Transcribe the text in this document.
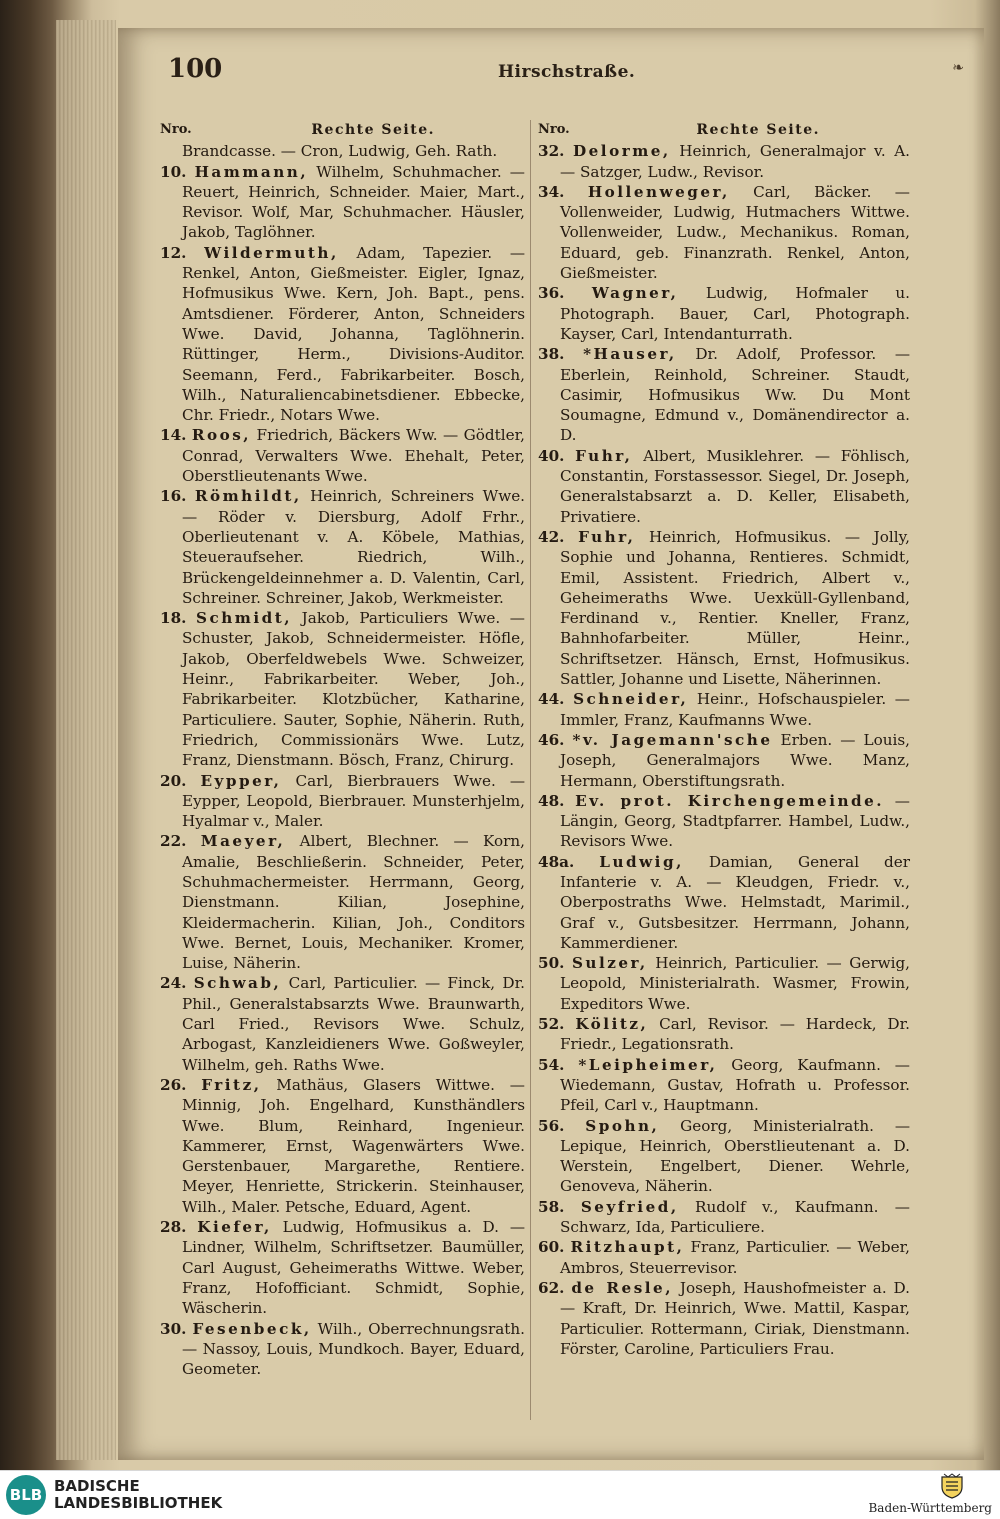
100	Hirschstraße.	❧
Nro.	Rechte Seite.

Brandcasse. — Cron, Ludwig, Geh. Rath.

10. Hammann, Wilhelm, Schuhmacher. — Reuert, Heinrich, Schneider. Maier, Mart., Revisor. Wolf, Mar, Schuhmacher. Häusler, Jakob, Taglöhner.

12. Wildermuth, Adam, Tapezier. — Renkel, Anton, Gießmeister. Eigler, Ignaz, Hofmusikus Wwe. Kern, Joh. Bapt., pens. Amtsdiener. Förderer, Anton, Schneiders Wwe. David, Johanna, Taglöhnerin. Rüttinger, Herm., Divisions-Auditor. Seemann, Ferd., Fabrikarbeiter. Bosch, Wilh., Naturaliencabinetsdiener. Ebbecke, Chr. Friedr., Notars Wwe.

14. Roos, Friedrich, Bäckers Ww. — Gödtler, Conrad, Verwalters Wwe. Ehehalt, Peter, Oberstlieutenants Wwe.

16. Römhildt, Heinrich, Schreiners Wwe. — Röder v. Diersburg, Adolf Frhr., Oberlieutenant v. A. Köbele, Mathias, Steueraufseher. Riedrich, Wilh., Brückengeldeinnehmer a. D. Valentin, Carl, Schreiner. Schreiner, Jakob, Werkmeister.

18. Schmidt, Jakob, Particuliers Wwe. — Schuster, Jakob, Schneidermeister. Höfle, Jakob, Oberfeldwebels Wwe. Schweizer, Heinr., Fabrikarbeiter. Weber, Joh., Fabrikarbeiter. Klotzbücher, Katharine, Particuliere. Sauter, Sophie, Näherin. Ruth, Friedrich, Commissionärs Wwe. Lutz, Franz, Dienstmann. Bösch, Franz, Chirurg.

20. Eypper, Carl, Bierbrauers Wwe. — Eypper, Leopold, Bierbrauer. Munsterhjelm, Hyalmar v., Maler.

22. Maeyer, Albert, Blechner. — Korn, Amalie, Beschließerin. Schneider, Peter, Schuhmachermeister. Herrmann, Georg, Dienstmann. Kilian, Josephine, Kleidermacherin. Kilian, Joh., Conditors Wwe. Bernet, Louis, Mechaniker. Kromer, Luise, Näherin.

24. Schwab, Carl, Particulier. — Finck, Dr. Phil., Generalstabsarzts Wwe. Braunwarth, Carl Fried., Revisors Wwe. Schulz, Arbogast, Kanzleidieners Wwe. Goßweyler, Wilhelm, geh. Raths Wwe.

26. Fritz, Mathäus, Glasers Wittwe. — Minnig, Joh. Engelhard, Kunsthändlers Wwe. Blum, Reinhard, Ingenieur. Kammerer, Ernst, Wagenwärters Wwe. Gerstenbauer, Margarethe, Rentiere. Meyer, Henriette, Strickerin. Steinhauser, Wilh., Maler. Petsche, Eduard, Agent.

28. Kiefer, Ludwig, Hofmusikus a. D. — Lindner, Wilhelm, Schriftsetzer. Baumüller, Carl August, Geheimeraths Wittwe. Weber, Franz, Hofofficiant. Schmidt, Sophie, Wäscherin.

30. Fesenbeck, Wilh., Oberrechnungsrath. — Nassoy, Louis, Mundkoch. Bayer, Eduard, Geometer.

Nro.	Rechte Seite.

32. Delorme, Heinrich, Generalmajor v. A. — Satzger, Ludw., Revisor.

34. Hollenweger, Carl, Bäcker. — Vollenweider, Ludwig, Hutmachers Wittwe. Vollenweider, Ludw., Mechanikus. Roman, Eduard, geb. Finanzrath. Renkel, Anton, Gießmeister.

36. Wagner, Ludwig, Hofmaler u. Photograph. Bauer, Carl, Photograph. Kayser, Carl, Intendanturrath.

38. *Hauser, Dr. Adolf, Professor. — Eberlein, Reinhold, Schreiner. Staudt, Casimir, Hofmusikus Ww. Du Mont Soumagne, Edmund v., Domänendirector a. D.

40. Fuhr, Albert, Musiklehrer. — Föhlisch, Constantin, Forstassessor. Siegel, Dr. Joseph, Generalstabsarzt a. D. Keller, Elisabeth, Privatiere.

42. Fuhr, Heinrich, Hofmusikus. — Jolly, Sophie und Johanna, Rentieres. Schmidt, Emil, Assistent. Friedrich, Albert v., Geheimeraths Wwe. Uexküll-Gyllenband, Ferdinand v., Rentier. Kneller, Franz, Bahnhofarbeiter. Müller, Heinr., Schriftsetzer. Hänsch, Ernst, Hofmusikus. Sattler, Johanne und Lisette, Näherinnen.

44. Schneider, Heinr., Hofschauspieler. — Immler, Franz, Kaufmanns Wwe.

46. *v. Jagemann'sche Erben. — Louis, Joseph, Generalmajors Wwe. Manz, Hermann, Oberstiftungsrath.

48. Ev. prot. Kirchengemeinde. — Längin, Georg, Stadtpfarrer. Hambel, Ludw., Revisors Wwe.

48a. Ludwig, Damian, General der Infanterie v. A. — Kleudgen, Friedr. v., Oberpostraths Wwe. Helmstadt, Marimil., Graf v., Gutsbesitzer. Herrmann, Johann, Kammerdiener.

50. Sulzer, Heinrich, Particulier. — Gerwig, Leopold, Ministerialrath. Wasmer, Frowin, Expeditors Wwe.

52. Kölitz, Carl, Revisor. — Hardeck, Dr. Friedr., Legationsrath.

54. *Leipheimer, Georg, Kaufmann. — Wiedemann, Gustav, Hofrath u. Professor. Pfeil, Carl v., Hauptmann.

56. Spohn, Georg, Ministerialrath. — Lepique, Heinrich, Oberstlieutenant a. D. Werstein, Engelbert, Diener. Wehrle, Genoveva, Näherin.

58. Seyfried, Rudolf v., Kaufmann. — Schwarz, Ida, Particuliere.

60. Ritzhaupt, Franz, Particulier. — Weber, Ambros, Steuerrevisor.

62. de Resle, Joseph, Haushofmeister a. D. — Kraft, Dr. Heinrich, Wwe. Mattil, Kaspar, Particulier. Rottermann, Ciriak, Dienstmann. Förster, Caroline, Particuliers Frau.

BLB BADISCHE
LANDESBIBLIOTHEK	Baden-Württemberg
